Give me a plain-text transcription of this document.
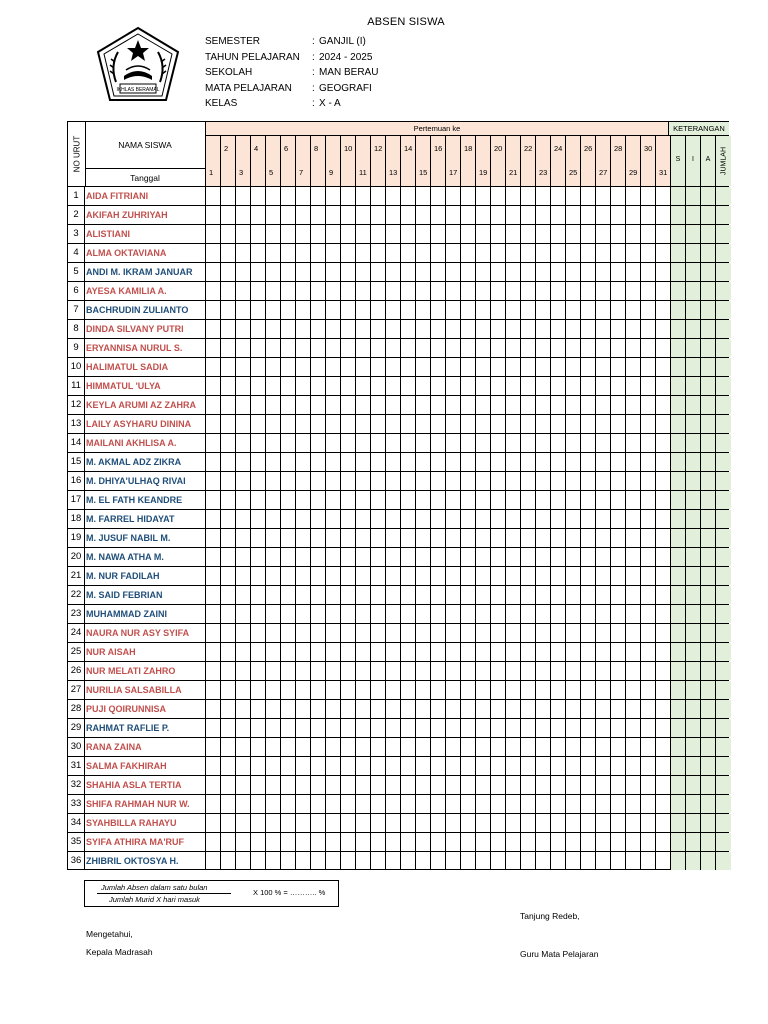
ABSEN SISWA
IKHLAS BERAMAL
SEMESTER	: GANJIL (I)
TAHUN PELAJARAN : 2024 - 2025
SEKOLAH	: MAN BERAU
MATA PELAJARAN : GEOGRAFI
KELAS	: X - A
NO URUT	NAMA SISWA
Tanggal
Pertemuan ke	KETERANGAN
1
2
3
4
5
6
7
8
9
10
11
12
13
14
15
16
17
18
19
20
21
22
23
24
25
26
27
28
29
30
31
S	I	A	JUMLAH
1 AIDA FITRIANI
2 AKIFAH ZUHRIYAH
3 ALISTIANI
4 ALMA OKTAVIANA
5 ANDI M. IKRAM JANUAR
6 AYESA KAMILIA A.
7 BACHRUDIN ZULIANTO
8 DINDA SILVANY PUTRI
9 ERYANNISA NURUL S.
10 HALIMATUL SADIA
11 HIMMATUL 'ULYA
12 KEYLA ARUMI AZ ZAHRA
13 LAILY ASYHARU DININA
14 MAILANI AKHLISA A.
15 M. AKMAL ADZ ZIKRA
16 M. DHIYA'ULHAQ RIVAI
17 M. EL FATH KEANDRE
18 M. FARREL HIDAYAT
19 M. JUSUF NABIL M.
20 M. NAWA ATHA M.
21 M. NUR FADILAH
22 M. SAID FEBRIAN
23 MUHAMMAD ZAINI
24 NAURA NUR ASY SYIFA
25 NUR AISAH
26 NUR MELATI ZAHRO
27 NURILIA SALSABILLA
28 PUJI QOIRUNNISA
29 RAHMAT RAFLIE P.
30 RANA ZAINA
31 SALMA FAKHIRAH
32 SHAHIA ASLA TERTIA
33 SHIFA RAHMAH NUR W.
34 SYAHBILLA RAHAYU
35 SYIFA ATHIRA MA'RUF
36 ZHIBRIL OKTOSYA H.
Jumlah Absen dalam satu bulan
Jumlah Murid X hari masuk
X 100 % = ……….. %
Tanjung Redeb,
Mengetahui,
Kepala Madrasah	Guru Mata Pelajaran
